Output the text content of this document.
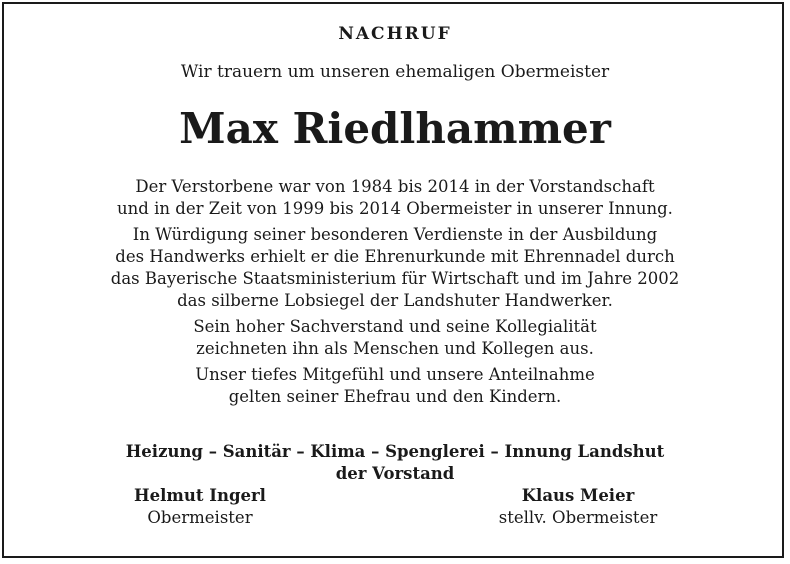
NACHRUF
Wir trauern um unseren ehemaligen Obermeister
Max Riedlhammer

Der Verstorbene war von 1984 bis 2014 in der Vorstandschaft
und in der Zeit von 1999 bis 2014 Obermeister in unserer Innung.

In Würdigung seiner besonderen Verdienste in der Ausbildung
des Handwerks erhielt er die Ehrenurkunde mit Ehrennadel durch
das Bayerische Staatsministerium für Wirtschaft und im Jahre 2002
das silberne Lobsiegel der Landshuter Handwerker.

Sein hoher Sachverstand und seine Kollegialität
zeichneten ihn als Menschen und Kollegen aus.

Unser tiefes Mitgefühl und unsere Anteilnahme
gelten seiner Ehefrau und den Kindern.

Heizung – Sanitär – Klima – Spenglerei – Innung Landshut
der Vorstand
Helmut Ingerl
Obermeister
Klaus Meier
stellv. Obermeister
